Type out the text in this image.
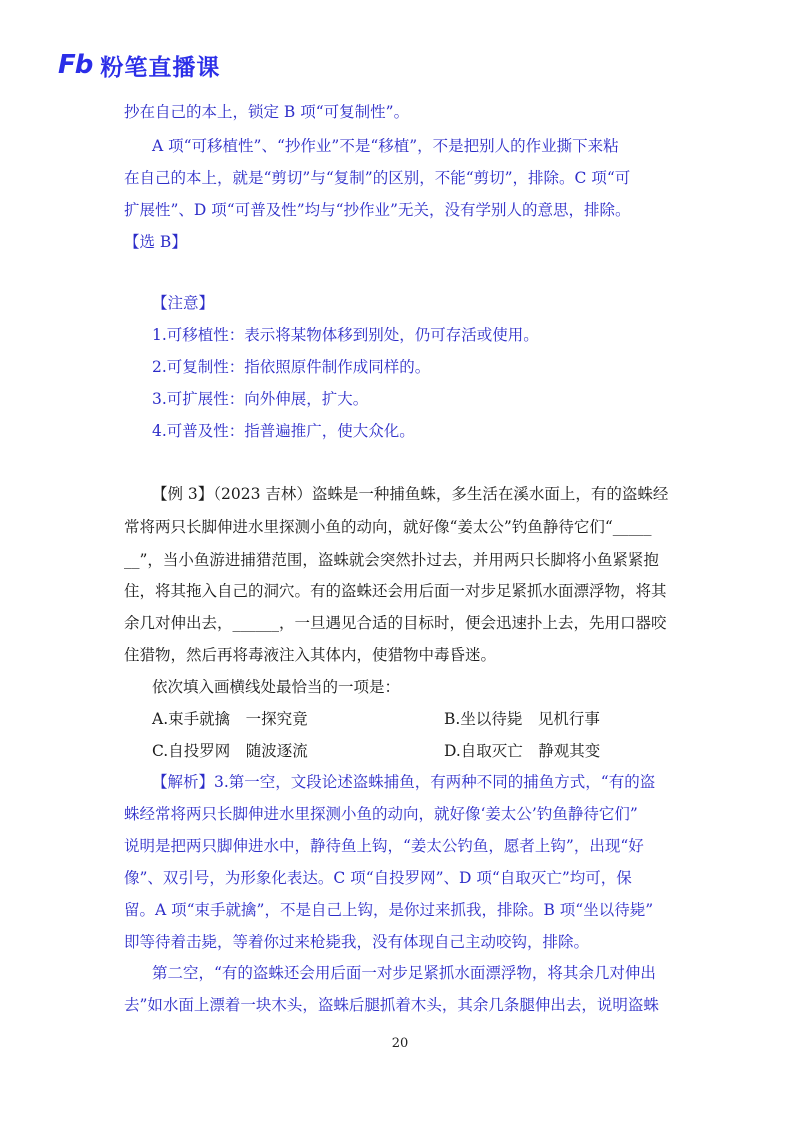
Fb 粉笔直播课
抄在自己的本上，锁定 B 项“可复制性”。
A 项“可移植性”、“抄作业”不是“移植”，不是把别人的作业撕下来粘
在自己的本上，就是“剪切”与“复制”的区别，不能“剪切”，排除。C 项“可
扩展性”、D 项“可普及性”均与“抄作业”无关，没有学别人的意思，排除。
【选 B】
【注意】
1.可移植性：表示将某物体移到别处，仍可存活或使用。
2.可复制性：指依照原件制作成同样的。
3.可扩展性：向外伸展，扩大。
4.可普及性：指普遍推广，使大众化。
【例 3】（2023 吉林）盗蛛是一种捕鱼蛛，多生活在溪水面上，有的盗蛛经
常将两只长脚伸进水里探测小鱼的动向，就好像“姜太公”钓鱼静待它们“_____
__”，当小鱼游进捕猎范围，盗蛛就会突然扑过去，并用两只长脚将小鱼紧紧抱
住，将其拖入自己的洞穴。有的盗蛛还会用后面一对步足紧抓水面漂浮物，将其
余几对伸出去，______，一旦遇见合适的目标时，便会迅速扑上去，先用口器咬
住猎物，然后再将毒液注入其体内，使猎物中毒昏迷。
依次填入画横线处最恰当的一项是：
A.束手就擒　一探究竟	B.坐以待毙　见机行事
C.自投罗网　随波逐流	D.自取灭亡　静观其变
【解析】3.第一空，文段论述盗蛛捕鱼，有两种不同的捕鱼方式，“有的盗
蛛经常将两只长脚伸进水里探测小鱼的动向，就好像‘姜太公’钓鱼静待它们”
说明是把两只脚伸进水中，静待鱼上钩，“姜太公钓鱼，愿者上钩”，出现“好
像”、双引号，为形象化表达。C 项“自投罗网”、D 项“自取灭亡”均可，保
留。A 项“束手就擒”，不是自己上钩，是你过来抓我，排除。B 项“坐以待毙”
即等待着击毙，等着你过来枪毙我，没有体现自己主动咬钩，排除。
第二空，“有的盗蛛还会用后面一对步足紧抓水面漂浮物，将其余几对伸出
去”如水面上漂着一块木头，盗蛛后腿抓着木头，其余几条腿伸出去，说明盗蛛
20
